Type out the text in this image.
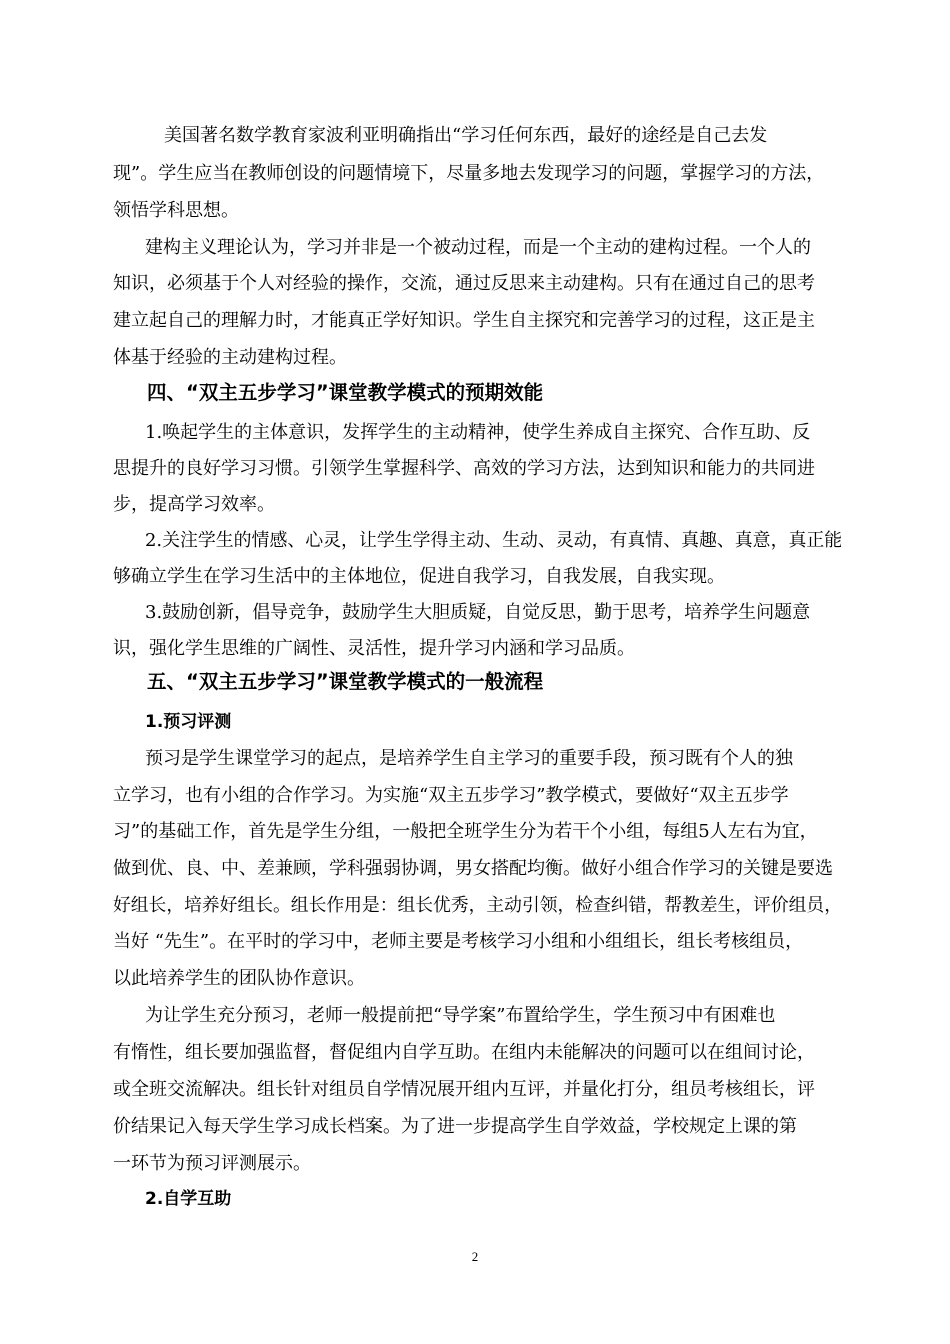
美国著名数学教育家波利亚明确指出“学习任何东西，最好的途经是自己去发
现”。学生应当在教师创设的问题情境下，尽量多地去发现学习的问题，掌握学习的方法，
领悟学科思想。
建构主义理论认为，学习并非是一个被动过程，而是一个主动的建构过程。一个人的
知识，必须基于个人对经验的操作，交流，通过反思来主动建构。只有在通过自己的思考
建立起自己的理解力时，才能真正学好知识。学生自主探究和完善学习的过程，这正是主
体基于经验的主动建构过程。
四、“双主五步学习”课堂教学模式的预期效能
1.唤起学生的主体意识，发挥学生的主动精神，使学生养成自主探究、合作互助、反
思提升的良好学习习惯。引领学生掌握科学、高效的学习方法，达到知识和能力的共同进
步，提高学习效率。
2.关注学生的情感、心灵，让学生学得主动、生动、灵动，有真情、真趣、真意，真正能
够确立学生在学习生活中的主体地位，促进自我学习，自我发展，自我实现。
3.鼓励创新，倡导竞争，鼓励学生大胆质疑，自觉反思，勤于思考，培养学生问题意
识，强化学生思维的广阔性、灵活性，提升学习内涵和学习品质。
五、“双主五步学习”课堂教学模式的一般流程
1.预习评测
预习是学生课堂学习的起点，是培养学生自主学习的重要手段，预习既有个人的独
立学习，也有小组的合作学习。为实施“双主五步学习”教学模式，要做好“双主五步学
习”的基础工作，首先是学生分组，一般把全班学生分为若干个小组，每组5人左右为宜，
做到优、良、中、差兼顾，学科强弱协调，男女搭配均衡。做好小组合作学习的关键是要选
好组长，培养好组长。组长作用是：组长优秀，主动引领，检查纠错，帮教差生，评价组员，
当好 “先生”。在平时的学习中，老师主要是考核学习小组和小组组长，组长考核组员，
以此培养学生的团队协作意识。
为让学生充分预习，老师一般提前把“导学案”布置给学生，学生预习中有困难也
有惰性，组长要加强监督，督促组内自学互助。在组内未能解决的问题可以在组间讨论，
或全班交流解决。组长针对组员自学情况展开组内互评，并量化打分，组员考核组长，评
价结果记入每天学生学习成长档案。为了进一步提高学生自学效益，学校规定上课的第
一环节为预习评测展示。
2.自学互助
2
